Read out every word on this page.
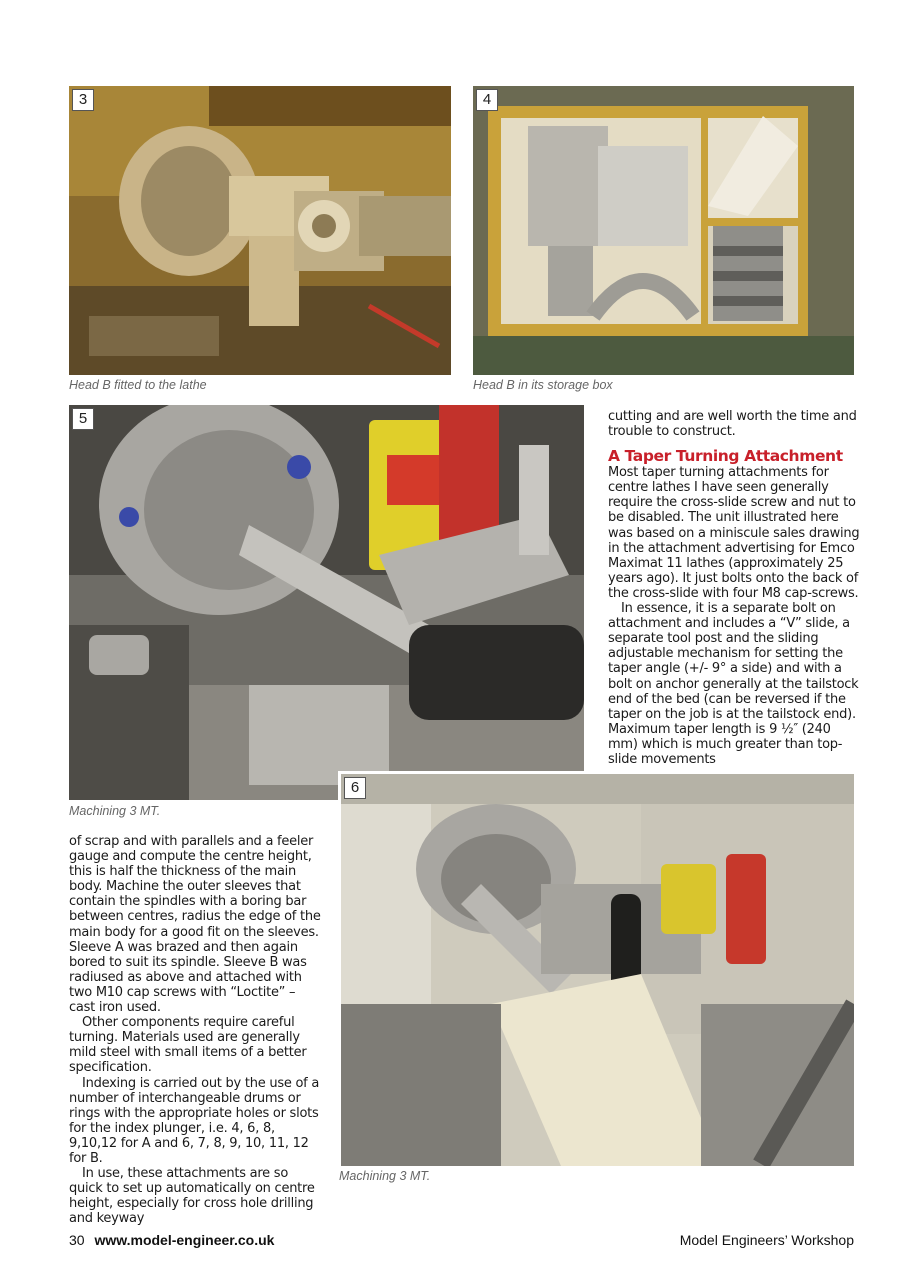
3
Head B fitted to the lathe
4
Head B in its storage box
5
Machining 3 MT.
6
Machining 3 MT.

cutting and are well worth the time and trouble to construct.

A Taper Turning Attachment

Most taper turning attachments for centre lathes I have seen generally require the cross-slide screw and nut to be disabled. The unit illustrated here was based on a miniscule sales drawing in the attachment advertising for Emco Maximat 11 lathes (approximately 25 years ago). It just bolts onto the back of the cross-slide with four M8 cap-screws.

In essence, it is a separate bolt on attachment and includes a “V” slide, a separate tool post and the sliding adjustable mechanism for setting the taper angle (+/- 9° a side) and with a bolt on anchor generally at the tailstock end of the bed (can be reversed if the taper on the job is at the tailstock end). Maximum taper length is 9 ½″ (240 mm) which is much greater than top-slide movements

of scrap and with parallels and a feeler gauge and compute the centre height, this is half the thickness of the main body. Machine the outer sleeves that contain the spindles with a boring bar between centres, radius the edge of the main body for a good fit on the sleeves. Sleeve A was brazed and then again bored to suit its spindle. Sleeve B was radiused as above and attached with two M10 cap screws with “Loctite” – cast iron used.

Other components require careful turning. Materials used are generally mild steel with small items of a better specification.

Indexing is carried out by the use of a number of interchangeable drums or rings with the appropriate holes or slots for the index plunger, i.e. 4, 6, 8, 9,10,12 for A and 6, 7, 8, 9, 10, 11, 12 for B.

In use, these attachments are so quick to set up automatically on centre height, especially for cross hole drilling and keyway

30 www.model-engineer.co.uk	Model Engineers’ Workshop
